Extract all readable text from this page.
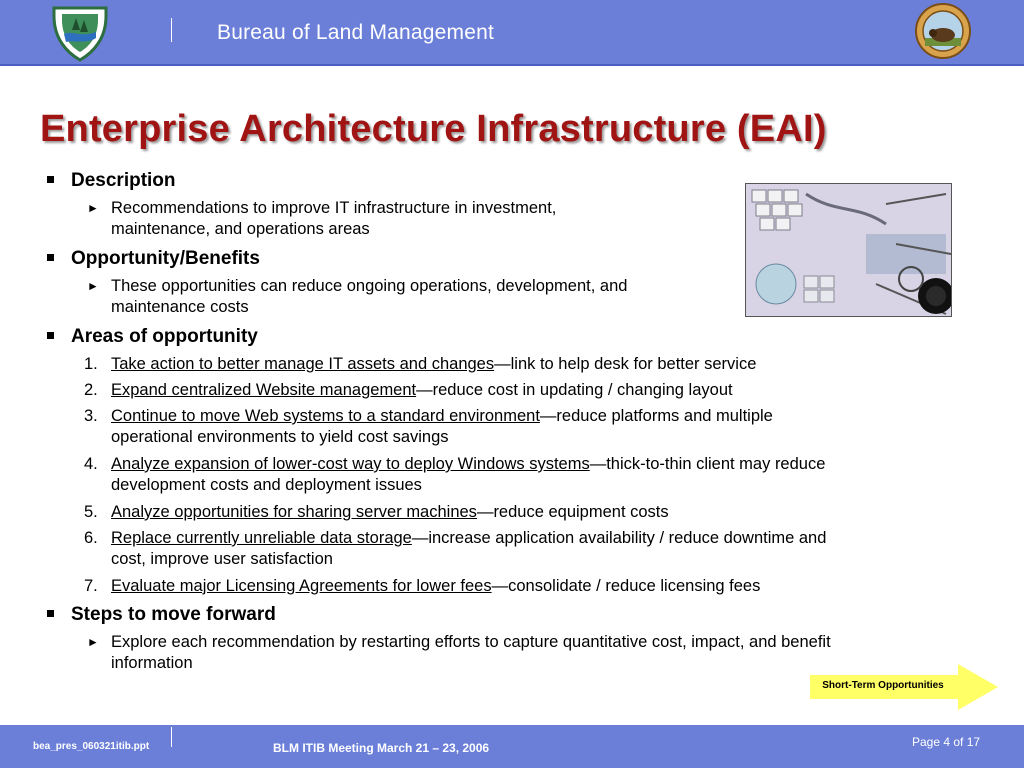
Bureau of Land Management
Enterprise Architecture Infrastructure (EAI)
Description
► Recommendations to improve IT infrastructure in investment,
maintenance, and operations areas
Opportunity/Benefits
► These opportunities can reduce ongoing operations, development, and
maintenance costs
Areas of opportunity
1. Take action to better manage IT assets and changes—link to help desk for better service
2. Expand centralized Website management—reduce cost in updating / changing layout
3. Continue to move Web systems to a standard environment—reduce platforms and multiple
operational environments to yield cost savings
4. Analyze expansion of lower-cost way to deploy Windows systems—thick-to-thin client may reduce
development costs and deployment issues
5. Analyze opportunities for sharing server machines—reduce equipment costs
6. Replace currently unreliable data storage—increase application availability / reduce downtime and
cost, improve user satisfaction
7. Evaluate major Licensing Agreements for lower fees—consolidate / reduce licensing fees
Steps to move forward
► Explore each recommendation by restarting efforts to capture quantitative cost, impact, and benefit
information
Short-Term Opportunities
bea_pres_060321itib.ppt	BLM ITIB Meeting March 21 – 23, 2006	Page 4 of 17
